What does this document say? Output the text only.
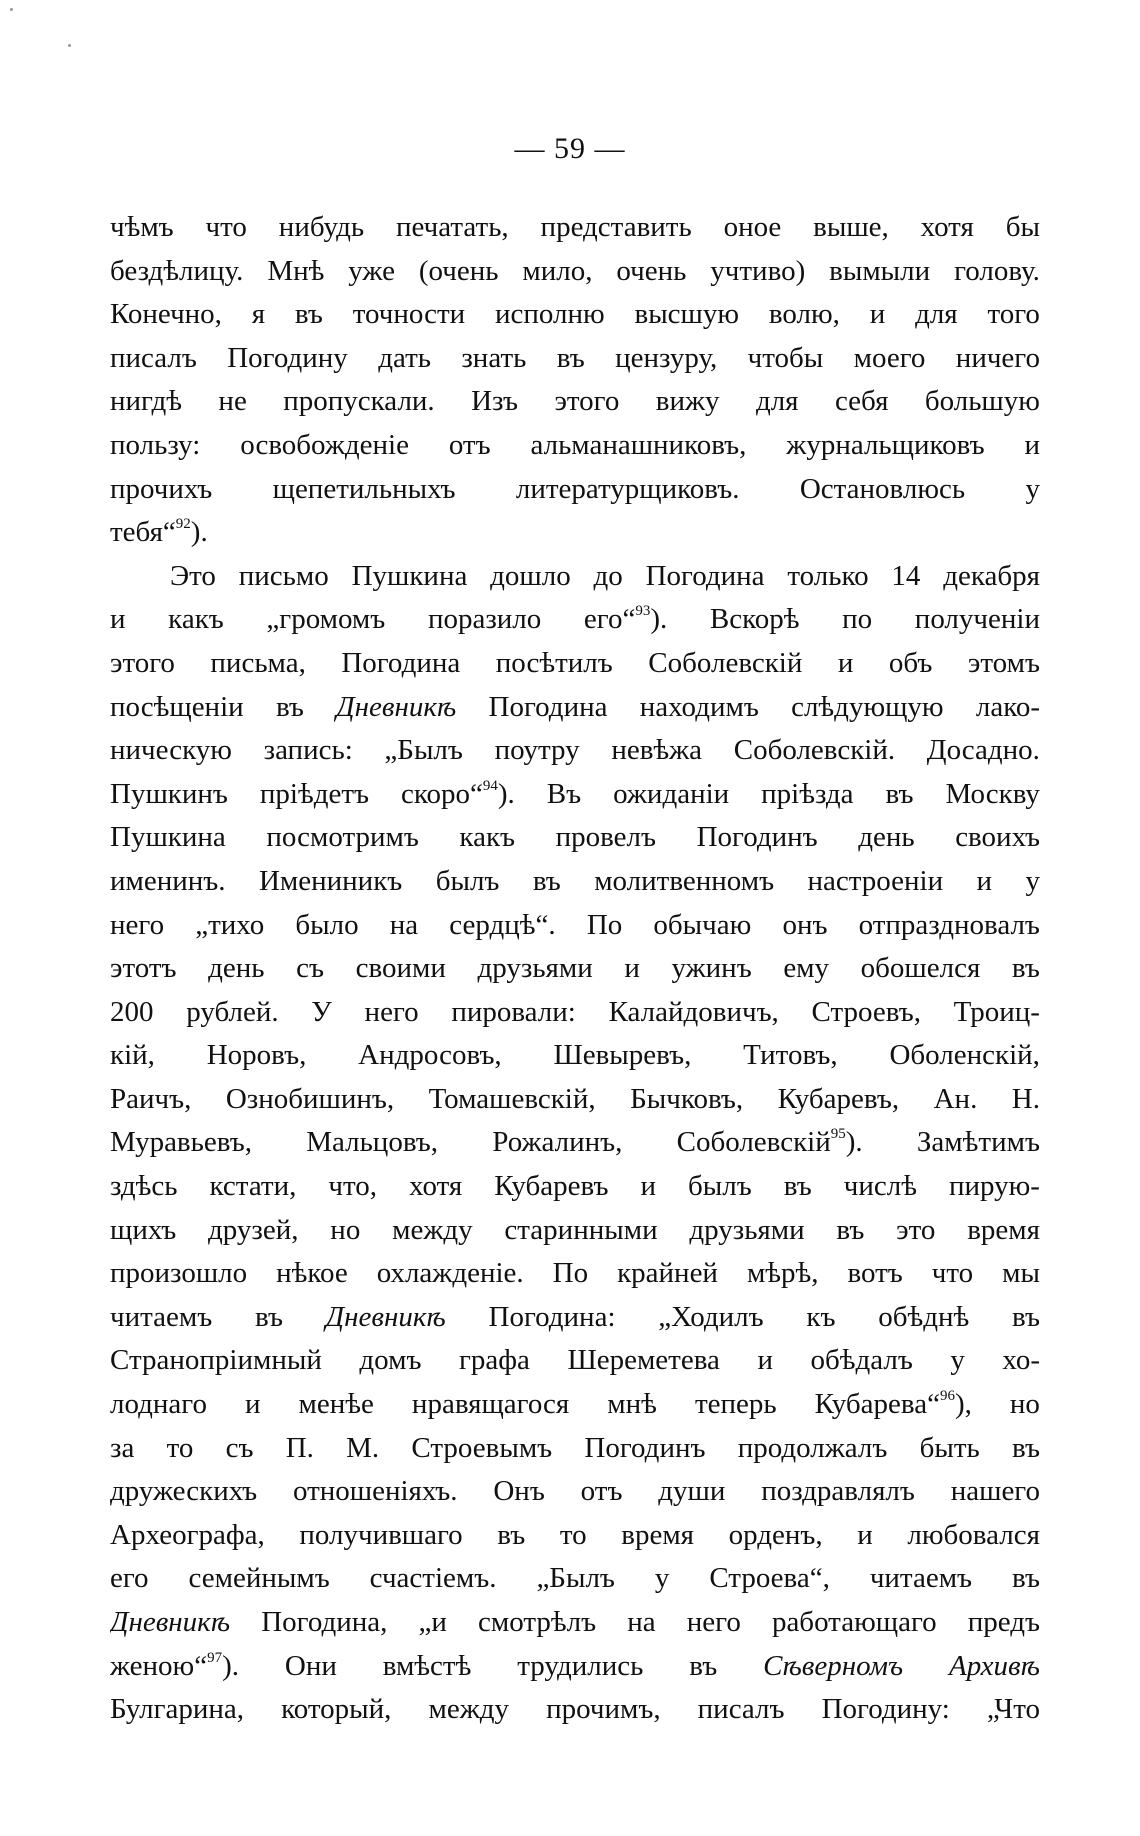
— 59 —
чѣмъ что нибудь печатать, представить оное выше, хотя бы
бездѣлицу. Мнѣ уже (очень мило, очень учтиво) вымыли голову.
Конечно, я въ точности исполню высшую волю, и для того
писалъ Погодину дать знать въ цензуру, чтобы моего ничего
нигдѣ не пропускали. Изъ этого вижу для себя большую
пользу: освобожденіе отъ альманашниковъ, журнальщиковъ и
прочихъ щепетильныхъ литературщиковъ. Остановлюсь у
тебя“$^{92}$).
Это письмо Пушкина дошло до Погодина только 14 декабря
и какъ „громомъ поразило его“$^{93}$). Вскорѣ по полученіи
этого письма, Погодина посѣтилъ Соболевскій и объ этомъ
посѣщеніи въ Дневникѣ Погодина находимъ слѣдующую лако-
ническую запись: „Былъ поутру невѣжа Соболевскій. Досадно.
Пушкинъ пріѣдетъ скоро“$^{94}$). Въ ожиданіи пріѣзда въ Москву
Пушкина посмотримъ какъ провелъ Погодинъ день своихъ
именинъ. Имениникъ былъ въ молитвенномъ настроеніи и у
него „тихо было на сердцѣ“. По обычаю онъ отпраздновалъ
этотъ день съ своими друзьями и ужинъ ему обошелся въ
200 рублей. У него пировали: Калайдовичъ, Строевъ, Троиц-
кій, Норовъ, Андросовъ, Шевыревъ, Титовъ, Оболенскій,
Раичъ, Ознобишинъ, Томашевскій, Бычковъ, Кубаревъ, Ан. Н.
Муравьевъ, Мальцовъ, Рожалинъ, Соболевскій$^{95}$). Замѣтимъ
здѣсь кстати, что, хотя Кубаревъ и былъ въ числѣ пирую-
щихъ друзей, но между старинными друзьями въ это время
произошло нѣкое охлажденіе. По крайней мѣрѣ, вотъ что мы
читаемъ въ Дневникѣ Погодина: „Ходилъ къ обѣднѣ въ
Странопріимный домъ графа Шереметева и обѣдалъ у хо-
лоднаго и менѣе нравящагося мнѣ теперь Кубарева“$^{96}$), но
за то съ П. М. Строевымъ Погодинъ продолжалъ быть въ
дружескихъ отношеніяхъ. Онъ отъ души поздравлялъ нашего
Археографа, получившаго въ то время орденъ, и любовался
его семейнымъ счастіемъ. „Былъ у Строева“, читаемъ въ
Дневникѣ Погодина, „и смотрѣлъ на него работающаго предъ
женою“$^{97}$). Они вмѣстѣ трудились въ Сѣверномъ Архивѣ
Булгарина, который, между прочимъ, писалъ Погодину: „Что
